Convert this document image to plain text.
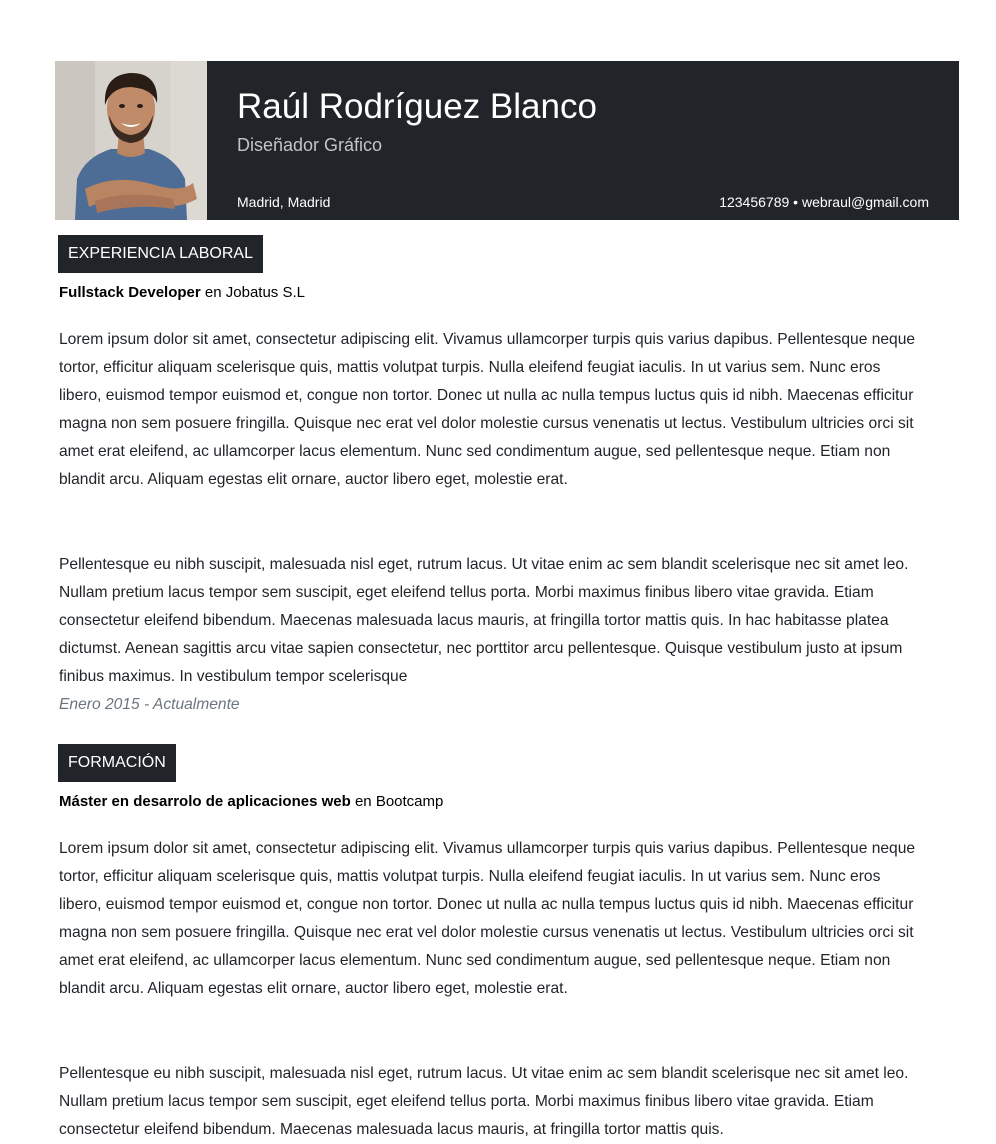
Raúl Rodríguez Blanco
Diseñador Gráfico
Madrid, Madrid	123456789 • webraul@gmail.com
EXPERIENCIA LABORAL
Fullstack Developer en Jobatus S.L

Lorem ipsum dolor sit amet, consectetur adipiscing elit. Vivamus ullamcorper turpis quis varius dapibus. Pellentesque neque tortor, efficitur aliquam scelerisque quis, mattis volutpat turpis. Nulla eleifend feugiat iaculis. In ut varius sem. Nunc eros libero, euismod tempor euismod et, congue non tortor. Donec ut nulla ac nulla tempus luctus quis id nibh. Maecenas efficitur magna non sem posuere fringilla. Quisque nec erat vel dolor molestie cursus venenatis ut lectus. Vestibulum ultricies orci sit amet erat eleifend, ac ullamcorper lacus elementum. Nunc sed condimentum augue, sed pellentesque neque. Etiam non blandit arcu. Aliquam egestas elit ornare, auctor libero eget, molestie erat.

Pellentesque eu nibh suscipit, malesuada nisl eget, rutrum lacus. Ut vitae enim ac sem blandit scelerisque nec sit amet leo. Nullam pretium lacus tempor sem suscipit, eget eleifend tellus porta. Morbi maximus finibus libero vitae gravida. Etiam consectetur eleifend bibendum. Maecenas malesuada lacus mauris, at fringilla tortor mattis quis. In hac habitasse platea dictumst. Aenean sagittis arcu vitae sapien consectetur, nec porttitor arcu pellentesque. Quisque vestibulum justo at ipsum finibus maximus. In vestibulum tempor scelerisque

Enero 2015 - Actualmente
FORMACIÓN
Máster en desarrolo de aplicaciones web en Bootcamp

Lorem ipsum dolor sit amet, consectetur adipiscing elit. Vivamus ullamcorper turpis quis varius dapibus. Pellentesque neque tortor, efficitur aliquam scelerisque quis, mattis volutpat turpis. Nulla eleifend feugiat iaculis. In ut varius sem. Nunc eros libero, euismod tempor euismod et, congue non tortor. Donec ut nulla ac nulla tempus luctus quis id nibh. Maecenas efficitur magna non sem posuere fringilla. Quisque nec erat vel dolor molestie cursus venenatis ut lectus. Vestibulum ultricies orci sit amet erat eleifend, ac ullamcorper lacus elementum. Nunc sed condimentum augue, sed pellentesque neque. Etiam non blandit arcu. Aliquam egestas elit ornare, auctor libero eget, molestie erat.

Pellentesque eu nibh suscipit, malesuada nisl eget, rutrum lacus. Ut vitae enim ac sem blandit scelerisque nec sit amet leo. Nullam pretium lacus tempor sem suscipit, eget eleifend tellus porta. Morbi maximus finibus libero vitae gravida. Etiam consectetur eleifend bibendum. Maecenas malesuada lacus mauris, at fringilla tortor mattis quis.
